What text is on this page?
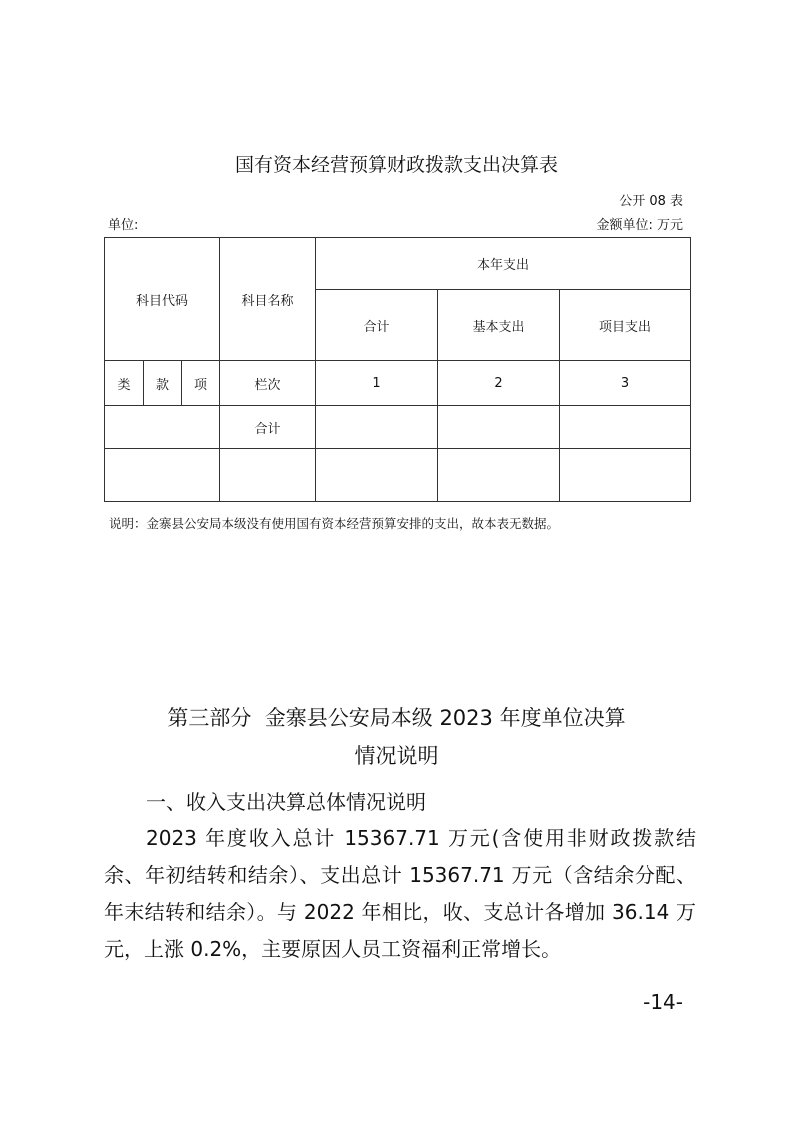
国有资本经营预算财政拨款支出决算表
公开 08 表
单位:	金额单位: 万元
科目代码			科目名称	本年支出		
				合计	基本支出	项目支出
类	款	项	栏次	1	2	3
			合计			

说明：金寨县公安局本级没有使用国有资本经营预算安排的支出，故本表无数据。
第三部分  金寨县公安局本级 2023 年度单位决算
情况说明
一、收入支出决算总体情况说明

2023 年度收入总计 15367.71 万元(含使用非财政拨款结余、年初结转和结余）、支出总计 15367.71 万元（含结余分配、年末结转和结余）。与 2022 年相比，收、支总计各增加 36.14 万元，上涨 0.2%，主要原因人员工资福利正常增长。

-14-
